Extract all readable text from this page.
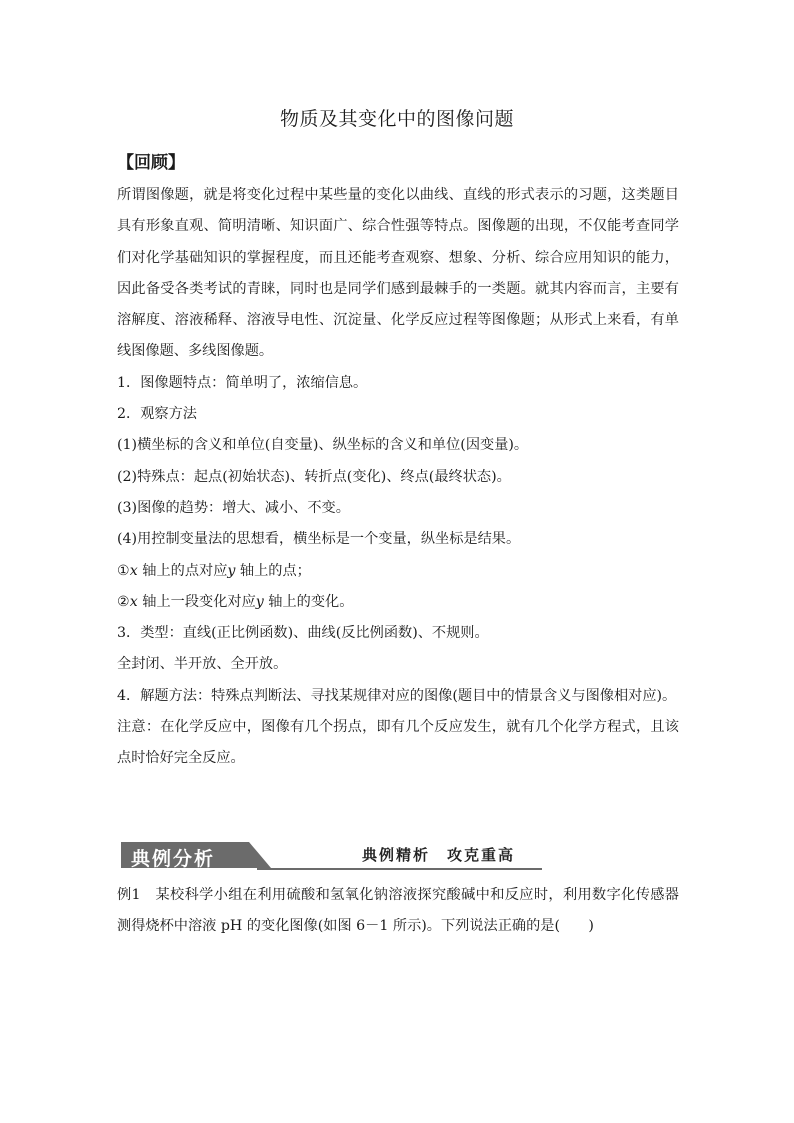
物质及其变化中的图像问题
【回顾】

所谓图像题，就是将变化过程中某些量的变化以曲线、直线的形式表示的习题，这类题目具有形象直观、简明清晰、知识面广、综合性强等特点。图像题的出现，不仅能考查同学们对化学基础知识的掌握程度，而且还能考查观察、想象、分析、综合应用知识的能力，因此备受各类考试的青睐，同时也是同学们感到最棘手的一类题。就其内容而言，主要有溶解度、溶液稀释、溶液导电性、沉淀量、化学反应过程等图像题；从形式上来看，有单线图像题、多线图像题。

1．图像题特点：简单明了，浓缩信息。

2．观察方法

(1)横坐标的含义和单位(自变量)、纵坐标的含义和单位(因变量)。

(2)特殊点：起点(初始状态)、转折点(变化)、终点(最终状态)。

(3)图像的趋势：增大、减小、不变。

(4)用控制变量法的思想看，横坐标是一个变量，纵坐标是结果。

①x 轴上的点对应y 轴上的点；

②x 轴上一段变化对应y 轴上的变化。

3．类型：直线(正比例函数)、曲线(反比例函数)、不规则。

全封闭、半开放、全开放。

4．解题方法：特殊点判断法、寻找某规律对应的图像(题目中的情景含义与图像相对应)。

注意：在化学反应中，图像有几个拐点，即有几个反应发生，就有几个化学方程式，且该点时恰好完全反应。

典例分析	典例精析　攻克重高
例1　某校科学小组在利用硫酸和氢氧化钠溶液探究酸碱中和反应时，利用数字化传感器测得烧杯中溶液 pH 的变化图像(如图 6－1 所示)。下列说法正确的是(　　)
